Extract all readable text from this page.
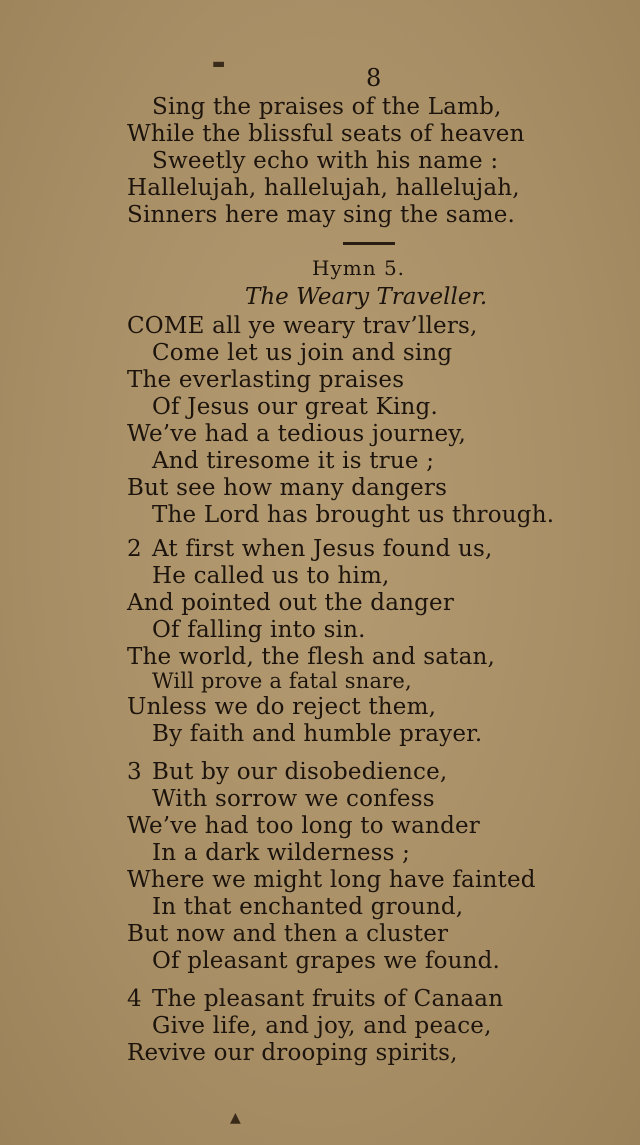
▬	8
Sing the praises of the Lamb,
While the blissful seats of heaven
Sweetly echo with his name :
Hallelujah, hallelujah, hallelujah,
Sinners here may sing the same.
Hymn 5.
The Weary Traveller.
COME all ye weary trav’llers,
Come let us join and sing
The everlasting praises
Of Jesus our great King.
We’ve had a tedious journey,
And tiresome it is true ;
But see how many dangers
The Lord has brought us through.
2 At first when Jesus found us,
He called us to him,
And pointed out the danger
Of falling into sin.
The world, the flesh and satan,
Will prove a fatal snare,
Unless we do reject them,
By faith and humble prayer.
3 But by our disobedience,
With sorrow we confess
We’ve had too long to wander
In a dark wilderness ;
Where we might long have fainted
In that enchanted ground,
But now and then a cluster
Of pleasant grapes we found.
4 The pleasant fruits of Canaan
Give life, and joy, and peace,
Revive our drooping spirits,
▲
